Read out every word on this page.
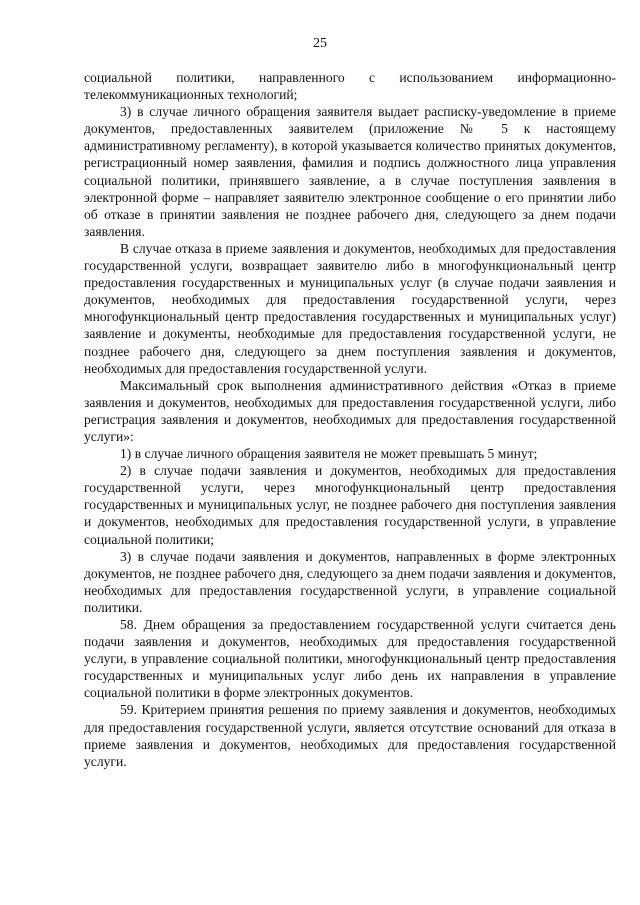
25

социальной политики, направленного с использованием информационно-телекоммуникационных технологий;

3) в случае личного обращения заявителя выдает расписку-уведомление в приеме документов, предоставленных заявителем (приложение № 5 к настоящему административному регламенту), в которой указывается количество принятых документов, регистрационный номер заявления, фамилия и подпись должностного лица управления социальной политики, принявшего заявление, а в случае поступления заявления в электронной форме – направляет заявителю электронное сообщение о его принятии либо об отказе в принятии заявления не позднее рабочего дня, следующего за днем подачи заявления.

В случае отказа в приеме заявления и документов, необходимых для предоставления государственной услуги, возвращает заявителю либо в многофункциональный центр предоставления государственных и муниципальных услуг (в случае подачи заявления и документов, необходимых для предоставления государственной услуги, через многофункциональный центр предоставления государственных и муниципальных услуг) заявление и документы, необходимые для предоставления государственной услуги, не позднее рабочего дня, следующего за днем поступления заявления и документов, необходимых для предоставления государственной услуги.

Максимальный срок выполнения административного действия «Отказ в приеме заявления и документов, необходимых для предоставления государственной услуги, либо регистрация заявления и документов, необходимых для предоставления государственной услуги»:

1) в случае личного обращения заявителя не может превышать 5 минут;

2) в случае подачи заявления и документов, необходимых для предоставления государственной услуги, через многофункциональный центр предоставления государственных и муниципальных услуг, не позднее рабочего дня поступления заявления и документов, необходимых для предоставления государственной услуги, в управление социальной политики;

3) в случае подачи заявления и документов, направленных в форме электронных документов, не позднее рабочего дня, следующего за днем подачи заявления и документов, необходимых для предоставления государственной услуги, в управление социальной политики.

58. Днем обращения за предоставлением государственной услуги считается день подачи заявления и документов, необходимых для предоставления государственной услуги, в управление социальной политики, многофункциональный центр предоставления государственных и муниципальных услуг либо день их направления в управление социальной политики в форме электронных документов.

59. Критерием принятия решения по приему заявления и документов, необходимых для предоставления государственной услуги, является отсутствие оснований для отказа в приеме заявления и документов, необходимых для предоставления государственной услуги.
